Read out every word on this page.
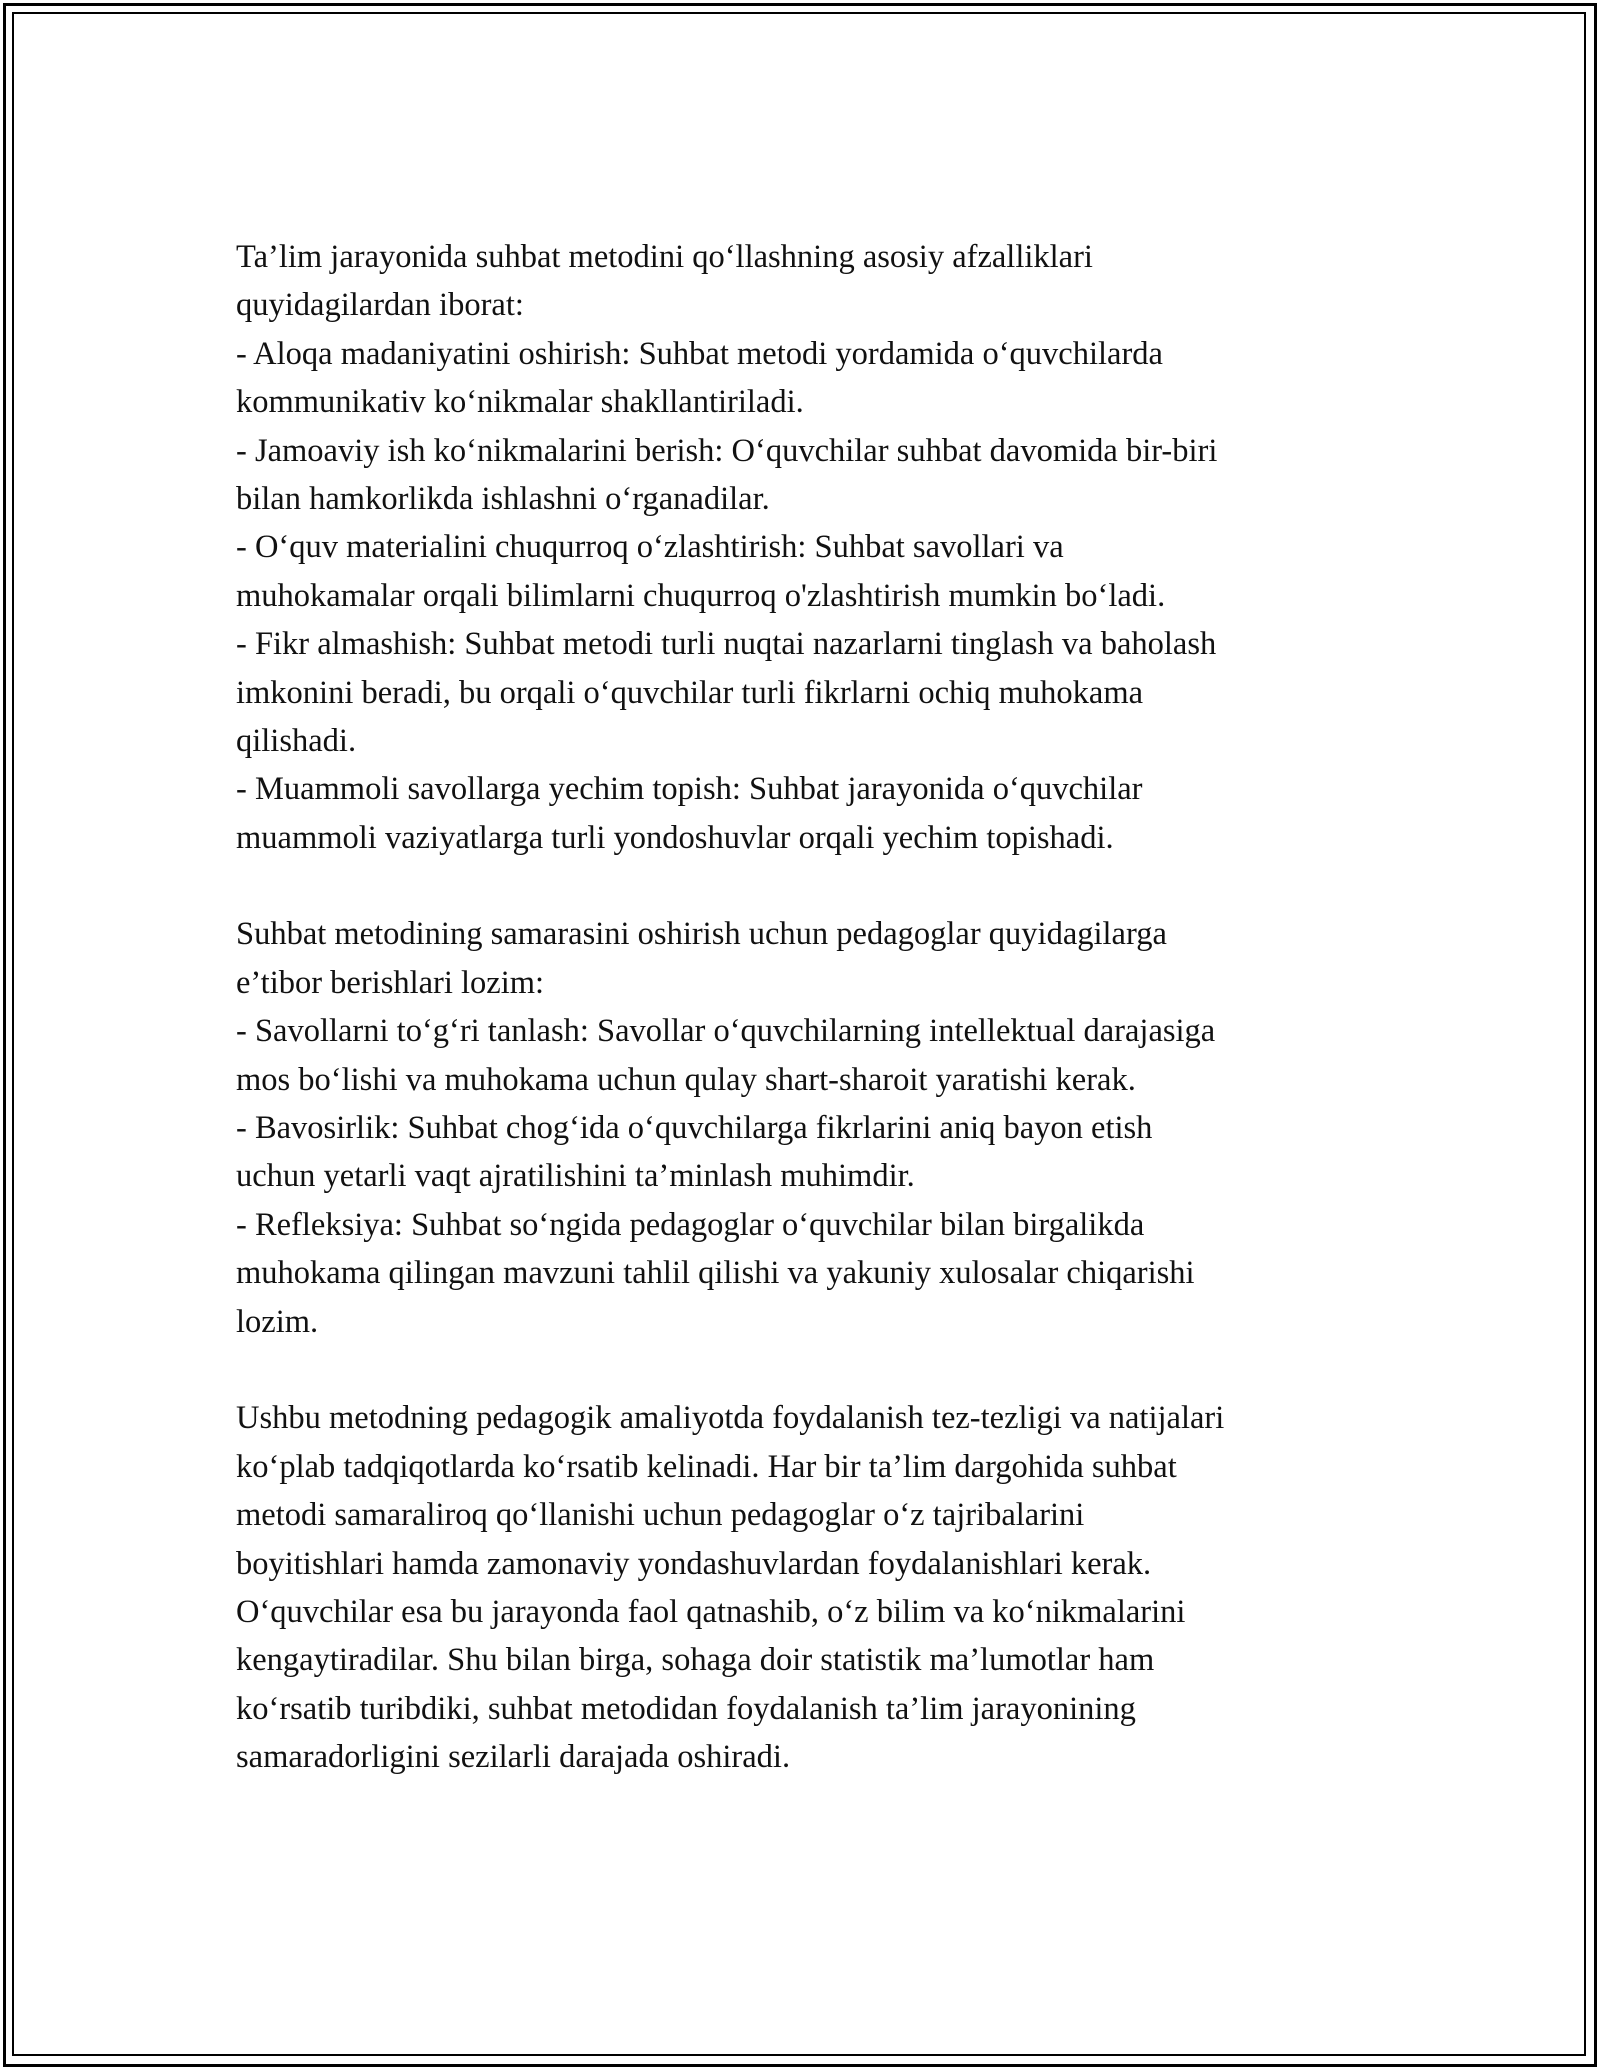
Ta’lim jarayonida suhbat metodini qo‘llashning asosiy afzalliklari
quyidagilardan iborat:
- Aloqa madaniyatini oshirish: Suhbat metodi yordamida o‘quvchilarda
kommunikativ ko‘nikmalar shakllantiriladi.
- Jamoaviy ish ko‘nikmalarini berish: O‘quvchilar suhbat davomida bir-biri
bilan hamkorlikda ishlashni o‘rganadilar.
- O‘quv materialini chuqurroq o‘zlashtirish: Suhbat savollari va
muhokamalar orqali bilimlarni chuqurroq o'zlashtirish mumkin bo‘ladi.
- Fikr almashish: Suhbat metodi turli nuqtai nazarlarni tinglash va baholash
imkonini beradi, bu orqali o‘quvchilar turli fikrlarni ochiq muhokama
qilishadi.
- Muammoli savollarga yechim topish: Suhbat jarayonida o‘quvchilar
muammoli vaziyatlarga turli yondoshuvlar orqali yechim topishadi.
Suhbat metodining samarasini oshirish uchun pedagoglar quyidagilarga
e’tibor berishlari lozim:
- Savollarni to‘g‘ri tanlash: Savollar o‘quvchilarning intellektual darajasiga
mos bo‘lishi va muhokama uchun qulay shart-sharoit yaratishi kerak.
- Bavosirlik: Suhbat chog‘ida o‘quvchilarga fikrlarini aniq bayon etish
uchun yetarli vaqt ajratilishini ta’minlash muhimdir.
- Refleksiya: Suhbat so‘ngida pedagoglar o‘quvchilar bilan birgalikda
muhokama qilingan mavzuni tahlil qilishi va yakuniy xulosalar chiqarishi
lozim.
Ushbu metodning pedagogik amaliyotda foydalanish tez-tezligi va natijalari
ko‘plab tadqiqotlarda ko‘rsatib kelinadi. Har bir ta’lim dargohida suhbat
metodi samaraliroq qo‘llanishi uchun pedagoglar o‘z tajribalarini
boyitishlari hamda zamonaviy yondashuvlardan foydalanishlari kerak.
O‘quvchilar esa bu jarayonda faol qatnashib, o‘z bilim va ko‘nikmalarini
kengaytiradilar. Shu bilan birga, sohaga doir statistik ma’lumotlar ham
ko‘rsatib turibdiki, suhbat metodidan foydalanish ta’lim jarayonining
samaradorligini sezilarli darajada oshiradi.
